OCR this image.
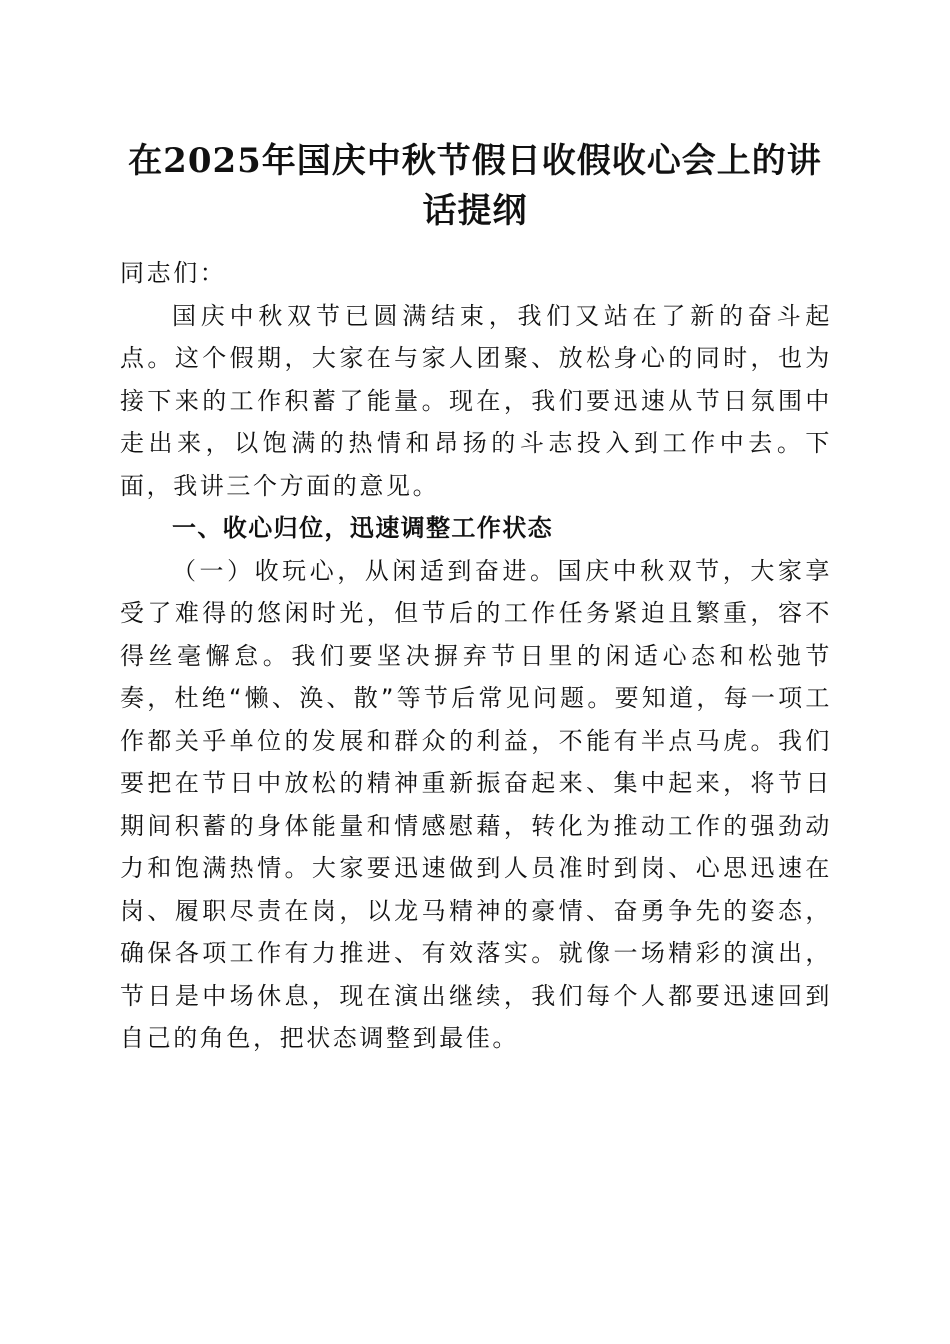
在2025年国庆中秋节假日收假收心会上的讲
话提纲
同志们：

国庆中秋双节已圆满结束，我们又站在了新的奋斗起点。这个假期，大家在与家人团聚、放松身心的同时，也为接下来的工作积蓄了能量。现在，我们要迅速从节日氛围中走出来，以饱满的热情和昂扬的斗志投入到工作中去。下面，我讲三个方面的意见。

一、收心归位，迅速调整工作状态

（一）收玩心，从闲适到奋进。国庆中秋双节，大家享受了难得的悠闲时光，但节后的工作任务紧迫且繁重，容不得丝毫懈怠。我们要坚决摒弃节日里的闲适心态和松弛节奏，杜绝“懒、涣、散”等节后常见问题。要知道，每一项工作都关乎单位的发展和群众的利益，不能有半点马虎。我们要把在节日中放松的精神重新振奋起来、集中起来，将节日期间积蓄的身体能量和情感慰藉，转化为推动工作的强劲动力和饱满热情。大家要迅速做到人员准时到岗、心思迅速在岗、履职尽责在岗，以龙马精神的豪情、奋勇争先的姿态，确保各项工作有力推进、有效落实。就像一场精彩的演出，节日是中场休息，现在演出继续，我们每个人都要迅速回到自己的角色，把状态调整到最佳。
